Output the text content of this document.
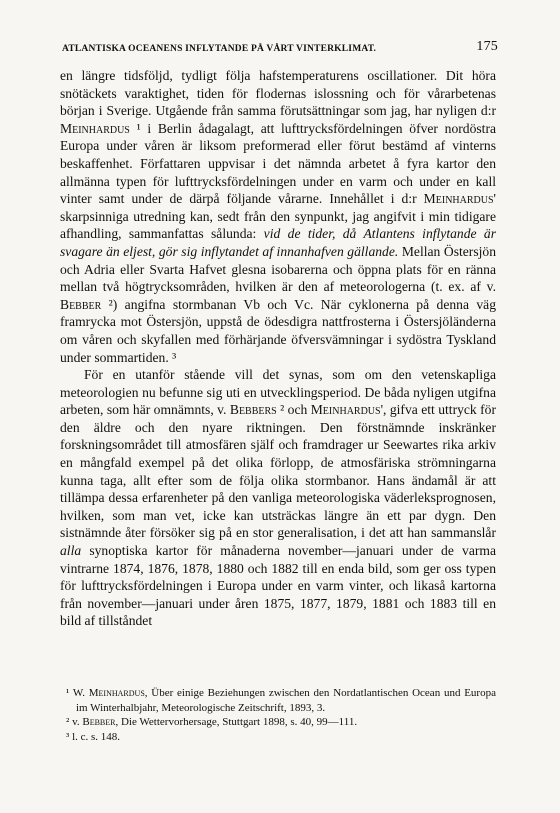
ATLANTISKA OCEANENS INFLYTANDE PÅ VÅRT VINTERKLIMAT.	175

en längre tidsföljd, tydligt följa hafstemperaturens oscillationer. Dit höra snötäckets varaktighet, tiden för flodernas islossning och för vårarbetenas början i Sverige. Utgående från samma förutsättningar som jag, har nyligen d:r Meinhardus ¹ i Berlin ådagalagt, att lufttrycksfördelningen öfver nordöstra Europa under våren är liksom preformerad eller förut bestämd af vinterns beskaffenhet. Författaren uppvisar i det nämnda arbetet å fyra kartor den allmänna typen för lufttrycksfördelningen under en varm och under en kall vinter samt under de därpå följande vårarne. Innehållet i d:r Meinhardus' skarpsinniga utredning kan, sedt från den synpunkt, jag angifvit i min tidigare afhandling, sammanfattas sålunda: vid de tider, då Atlantens inflytande är svagare än eljest, gör sig inflytandet af innanhafven gällande. Mellan Östersjön och Adria eller Svarta Hafvet glesna isobarerna och öppna plats för en ränna mellan två högtrycksområden, hvilken är den af meteorologerna (t. ex. af v. Bebber ²) angifna stormbanan Vb och Vc. När cyklonerna på denna väg framrycka mot Östersjön, uppstå de ödesdigra nattfrosterna i Östersjöländerna om våren och skyfallen med förhärjande öfversvämningar i sydöstra Tyskland under sommartiden. ³

För en utanför stående vill det synas, som om den vetenskapliga meteorologien nu befunne sig uti en utvecklingsperiod. De båda nyligen utgifna arbeten, som här omnämnts, v. Bebbers ² och Meinhardus', gifva ett uttryck för den äldre och den nyare riktningen. Den förstnämnde inskränker forskningsområdet till atmosfären själf och framdrager ur Seewartes rika arkiv en mångfald exempel på det olika förlopp, de atmosfäriska strömningarna kunna taga, allt efter som de följa olika stormbanor. Hans ändamål är att tillämpa dessa erfarenheter på den vanliga meteorologiska väderleksprognosen, hvilken, som man vet, icke kan utsträckas längre än ett par dygn. Den sistnämnde åter försöker sig på en stor generalisation, i det att han sammanslår alla synoptiska kartor för månaderna november—januari under de varma vintrarne 1874, 1876, 1878, 1880 och 1882 till en enda bild, som ger oss typen för lufttrycksfördelningen i Europa under en varm vinter, och likaså kartorna från november—januari under åren 1875, 1877, 1879, 1881 och 1883 till en bild af tillståndet

¹ W. Meinhardus, Über einige Beziehungen zwischen den Nordatlantischen Ocean und Europa im Winterhalbjahr, Meteorologische Zeitschrift, 1893, 3.

² v. Bebber, Die Wettervorhersage, Stuttgart 1898, s. 40, 99—111.

³ l. c. s. 148.
